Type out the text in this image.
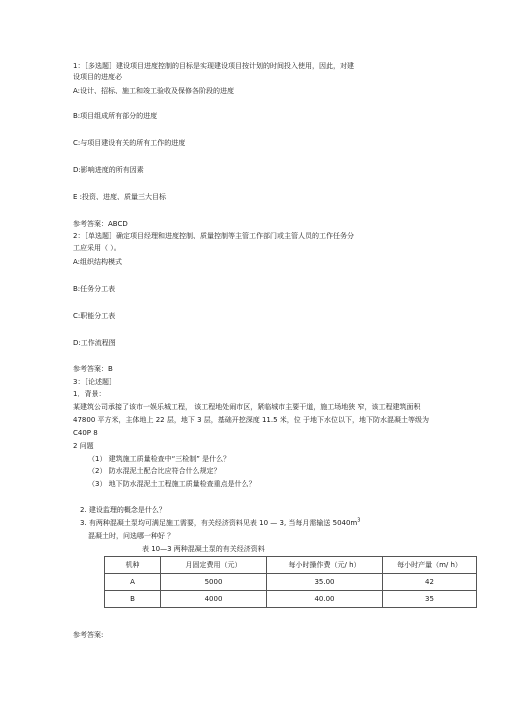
1：［多选题］建设项目进度控制的目标是实现建设项目按计划的时间投入使用，因此，对建
设项目的进度必
A:设计、招标、施工和竣工验收及保修各阶段的进度
B:项目组成所有部分的进度
C:与项目建设有关的所有工作的进度
D:影响进度的所有因素
E :投资、进度、质量三大目标
参考答案：ABCD
2：［单选题］确定项目经理和进度控制、质量控制等主管工作部门或主管人员的工作任务分
工应采用（ ）。
A:组织结构模式
B:任务分工表
C:职能分工表
D:工作流程图
参考答案：B
3：［论述题］
1．背景：
某建筑公司承接了该市一娱乐城工程， 该工程地处闹市区，紧临城市主要干道，施工场地狭 窄，该工程建筑面积
47800 平方米，主体地上 22 层，地下 3 层，基础开挖深度 11.5 米，位 于地下水位以下，地下防水混凝土等级为
C40P 8
2 问题
（1） 建筑施工质量检查中“三检制” 是什么？
（2） 防水混泥土配合比应符合什么规定？
（3） 地下防水混泥土工程施工质量检查重点是什么？
2. 建设监理的概念是什么？
3. 有两种混凝土泵均可满足施工需要，有关经济资料见表 10 — 3, 当每月需输送 $5040m^3$
混凝土时，问选哪一种好 ？
表 10—3 两种混凝土泵的有关经济资料
机种	月固定费用（元）	每小时操作费（元/ h）	每小时产量（m/ h）
A	5000	35.00	42
B	4000	40.00	35
参考答案:
